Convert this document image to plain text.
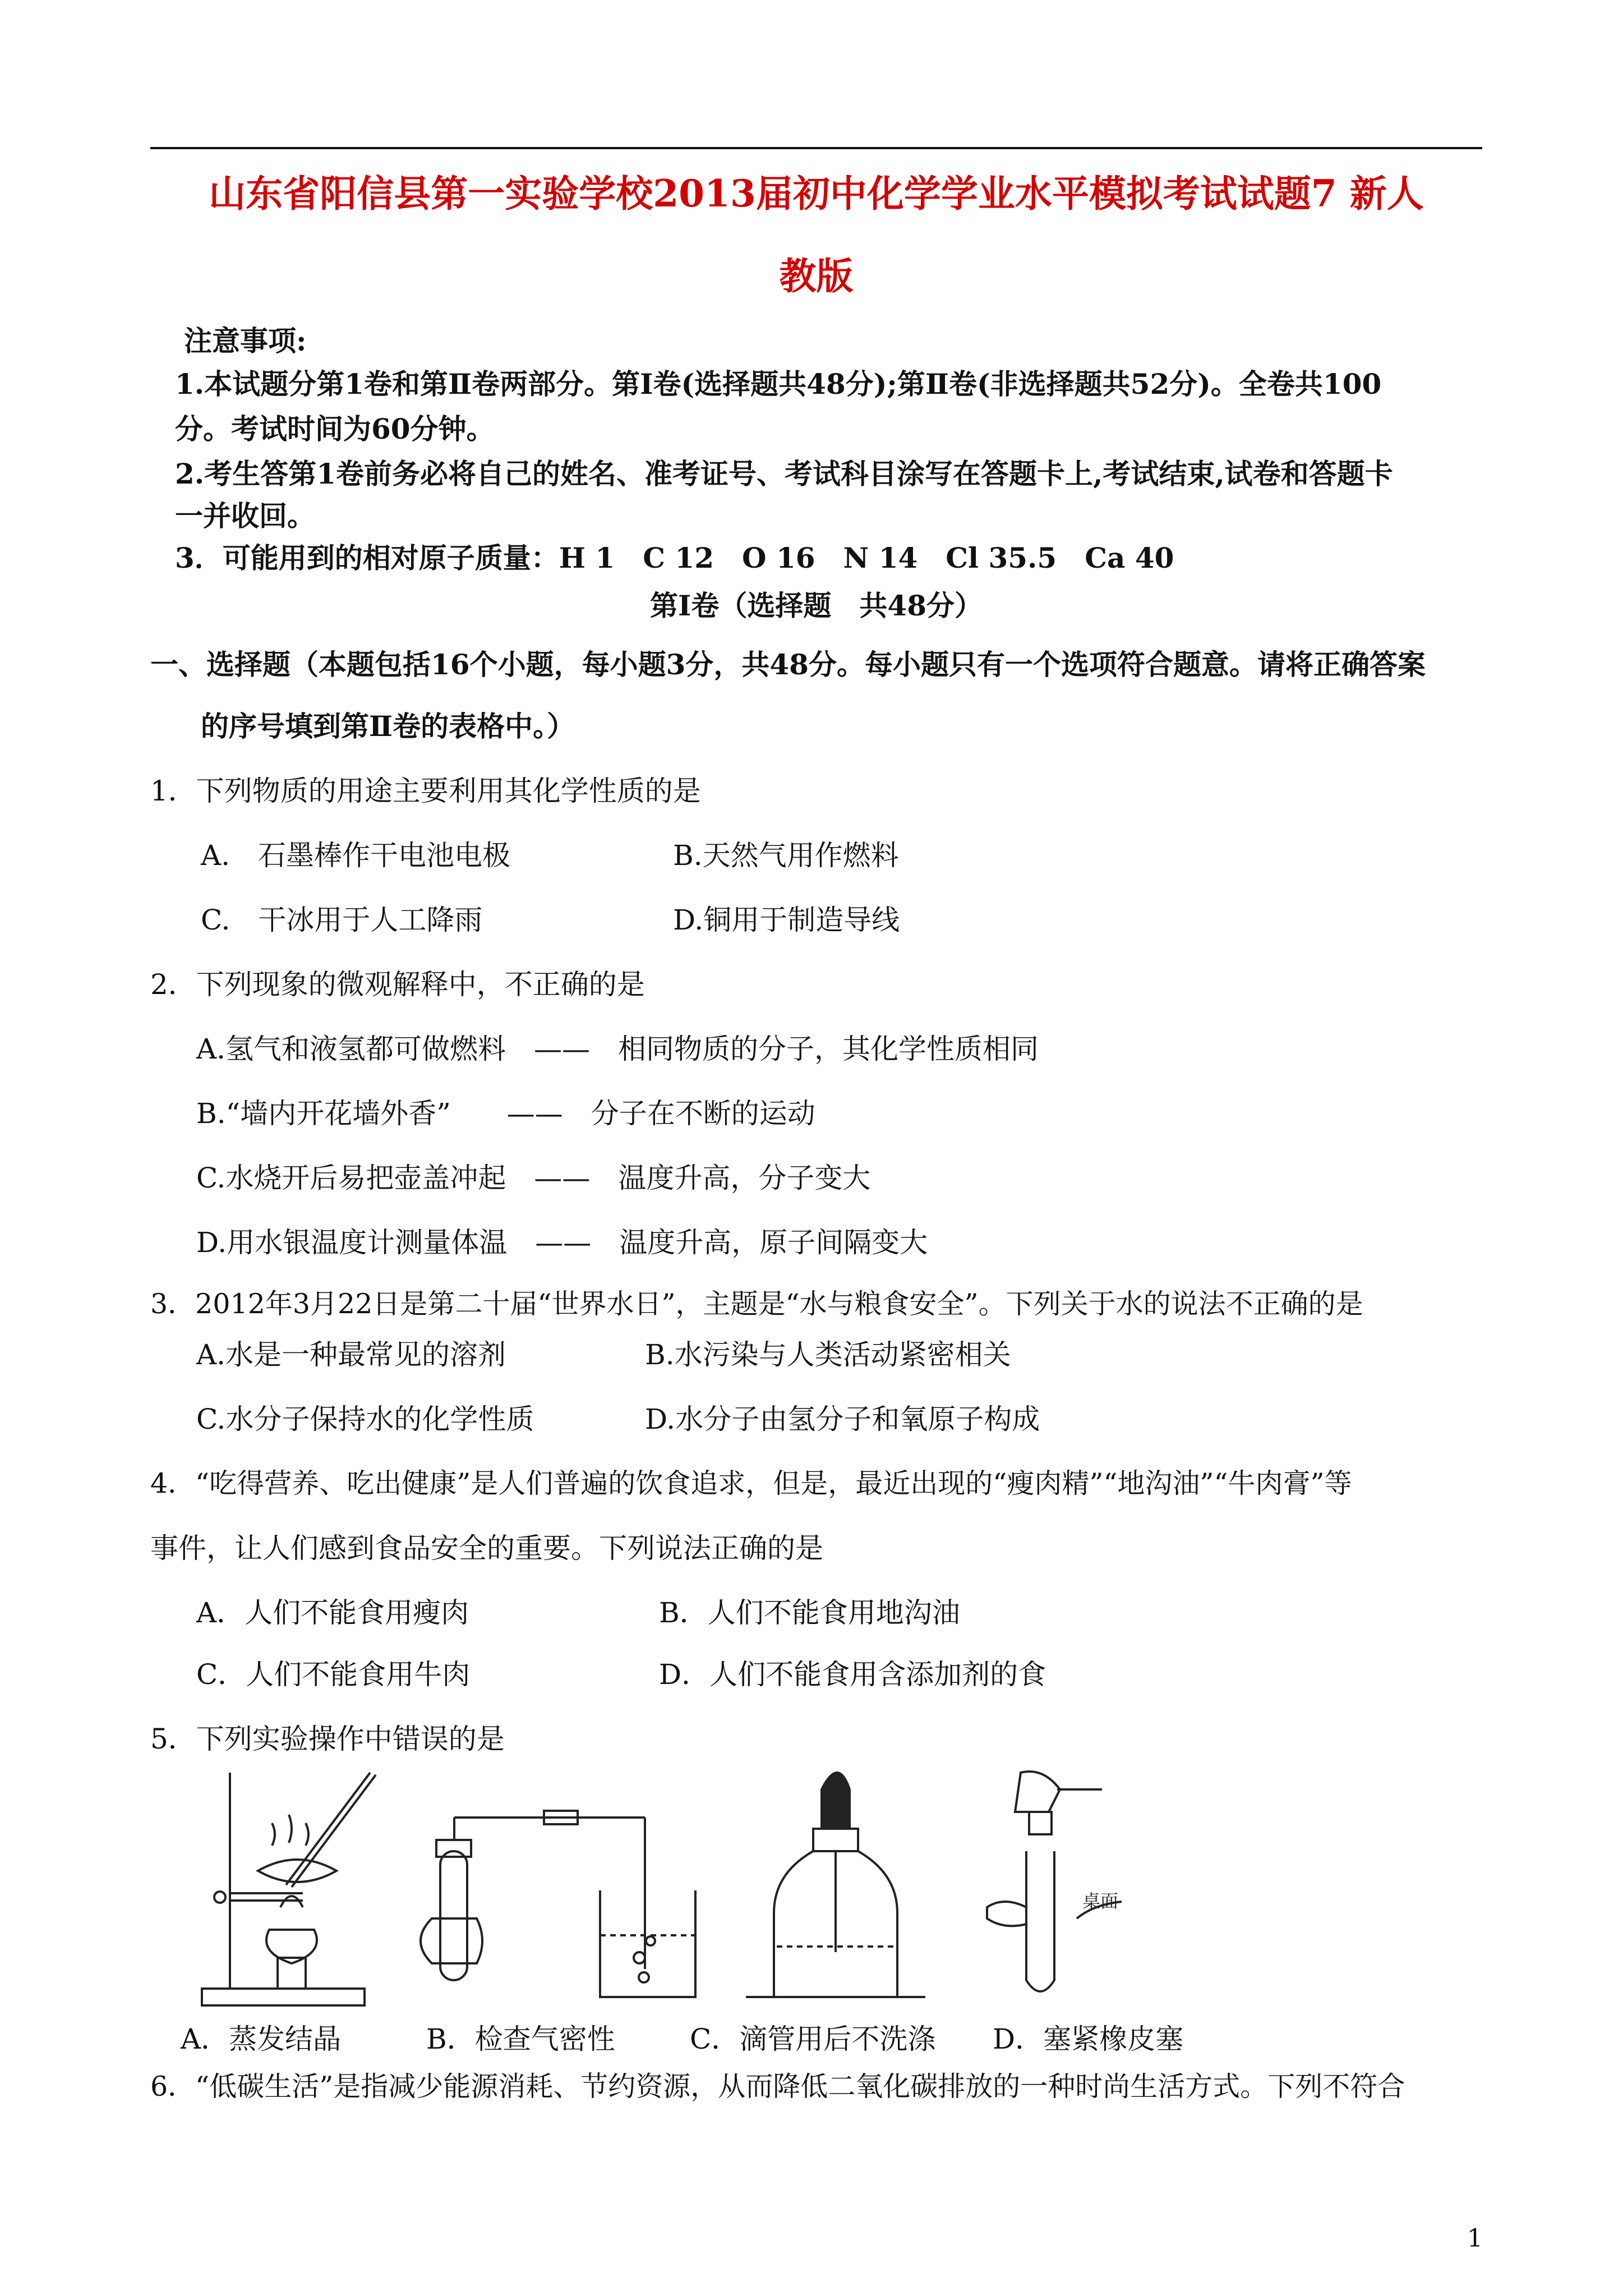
山东省阳信县第一实验学校2013届初中化学学业水平模拟考试试题7 新人
教版
注意事项:
1.本试题分第1卷和第Ⅱ卷两部分。第Ⅰ卷(选择题共48分);第Ⅱ卷(非选择题共52分)。全卷共100
分。考试时间为60分钟。
2.考生答第1卷前务必将自己的姓名、准考证号、考试科目涂写在答题卡上,考试结束,试卷和答题卡
一并收回。
3．可能用到的相对原子质量：H 1　C 12　O 16　N 14　Cl 35.5　Ca 40
第Ⅰ卷（选择题　共48分）
一、选择题（本题包括16个小题，每小题3分，共48分。每小题只有一个选项符合题意。请将正确答案
的序号填到第Ⅱ卷的表格中。）
1．下列物质的用途主要利用其化学性质的是
A.　石墨棒作干电池电极	B.天然气用作燃料
C.　干冰用于人工降雨	D.铜用于制造导线
2．下列现象的微观解释中，不正确的是
A.氢气和液氢都可做燃料　——　相同物质的分子，其化学性质相同
B.“墙内开花墙外香”　　——　分子在不断的运动
C.水烧开后易把壶盖冲起　——　温度升高，分子变大
D.用水银温度计测量体温　——　温度升高，原子间隔变大
3．2012年3月22日是第二十届“世界水日”，主题是“水与粮食安全”。下列关于水的说法不正确的是
A.水是一种最常见的溶剂	B.水污染与人类活动紧密相关
C.水分子保持水的化学性质	D.水分子由氢分子和氧原子构成
4．“吃得营养、吃出健康”是人们普遍的饮食追求，但是，最近出现的“瘦肉精”“地沟油”“牛肉膏”等
事件，让人们感到食品安全的重要。下列说法正确的是
A．人们不能食用瘦肉	B．人们不能食用地沟油
C．人们不能食用牛肉	D．人们不能食用含添加剂的食
5．下列实验操作中错误的是
桌面
A．蒸发结晶	B．检查气密性	C．滴管用后不洗涤 D．塞紧橡皮塞
6．“低碳生活”是指减少能源消耗、节约资源，从而降低二氧化碳排放的一种时尚生活方式。下列不符合
1
